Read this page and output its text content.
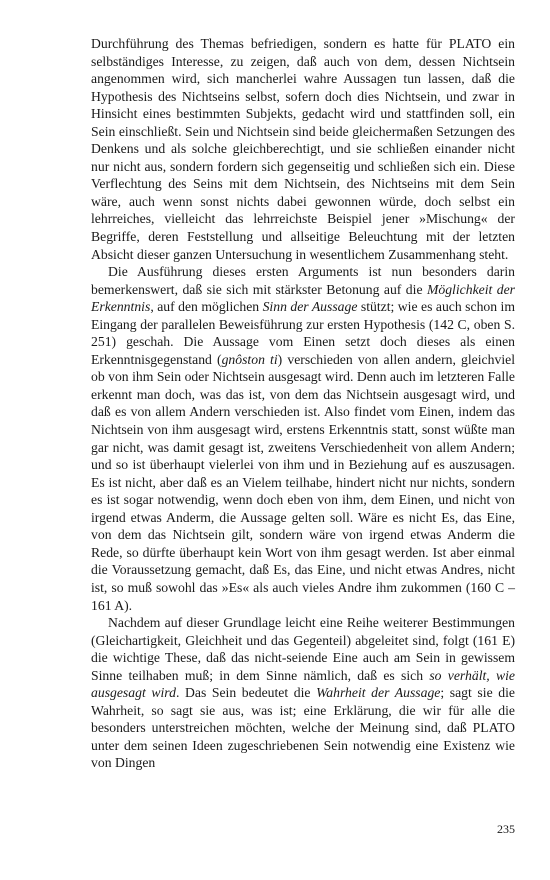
Durchführung des Themas befriedigen, sondern es hatte für PLATO ein selbständiges Interesse, zu zeigen, daß auch von dem, dessen Nichtsein angenommen wird, sich mancherlei wahre Aussagen tun lassen, daß die Hypothesis des Nichtseins selbst, sofern doch dies Nichtsein, und zwar in Hinsicht eines bestimmten Subjekts, gedacht wird und stattfinden soll, ein Sein einschließt. Sein und Nichtsein sind beide gleichermaßen Setzungen des Denkens und als solche gleichberechtigt, und sie schließen einander nicht nur nicht aus, sondern fordern sich gegenseitig und schließen sich ein. Diese Verflechtung des Seins mit dem Nichtsein, des Nichtseins mit dem Sein wäre, auch wenn sonst nichts dabei gewonnen würde, doch selbst ein lehrreiches, vielleicht das lehrreichste Beispiel jener »Mischung« der Begriffe, deren Feststellung und allseitige Beleuchtung mit der letzten Absicht dieser ganzen Untersuchung in wesentlichem Zusammenhang steht.

Die Ausführung dieses ersten Arguments ist nun besonders darin bemerkenswert, daß sie sich mit stärkster Betonung auf die Möglichkeit der Erkenntnis, auf den möglichen Sinn der Aussage stützt; wie es auch schon im Eingang der parallelen Beweisführung zur ersten Hypothesis (142 C, oben S. 251) geschah. Die Aussage vom Einen setzt doch dieses als einen Erkenntnisgegenstand (gnôston ti) verschieden von allen andern, gleichviel ob von ihm Sein oder Nichtsein ausgesagt wird. Denn auch im letzteren Falle erkennt man doch, was das ist, von dem das Nichtsein ausgesagt wird, und daß es von allem Andern verschieden ist. Also findet vom Einen, indem das Nichtsein von ihm ausgesagt wird, erstens Erkenntnis statt, sonst wüßte man gar nicht, was damit gesagt ist, zweitens Verschiedenheit von allem Andern; und so ist überhaupt vielerlei von ihm und in Beziehung auf es auszusagen. Es ist nicht, aber daß es an Vielem teilhabe, hindert nicht nur nichts, sondern es ist sogar notwendig, wenn doch eben von ihm, dem Einen, und nicht von irgend etwas Anderm, die Aussage gelten soll. Wäre es nicht Es, das Eine, von dem das Nichtsein gilt, sondern wäre von irgend etwas Anderm die Rede, so dürfte überhaupt kein Wort von ihm gesagt werden. Ist aber einmal die Voraussetzung gemacht, daß Es, das Eine, und nicht etwas Andres, nicht ist, so muß sowohl das »Es« als auch vieles Andre ihm zukommen (160 C – 161 A).

Nachdem auf dieser Grundlage leicht eine Reihe weiterer Bestimmungen (Gleichartigkeit, Gleichheit und das Gegenteil) abgeleitet sind, folgt (161 E) die wichtige These, daß das nicht-seiende Eine auch am Sein in gewissem Sinne teilhaben muß; in dem Sinne nämlich, daß es sich so verhält, wie ausgesagt wird. Das Sein bedeutet die Wahrheit der Aussage; sagt sie die Wahrheit, so sagt sie aus, was ist; eine Erklärung, die wir für alle die besonders unterstreichen möchten, welche der Meinung sind, daß PLATO unter dem seinen Ideen zugeschriebenen Sein notwendig eine Existenz wie von Dingen

235
